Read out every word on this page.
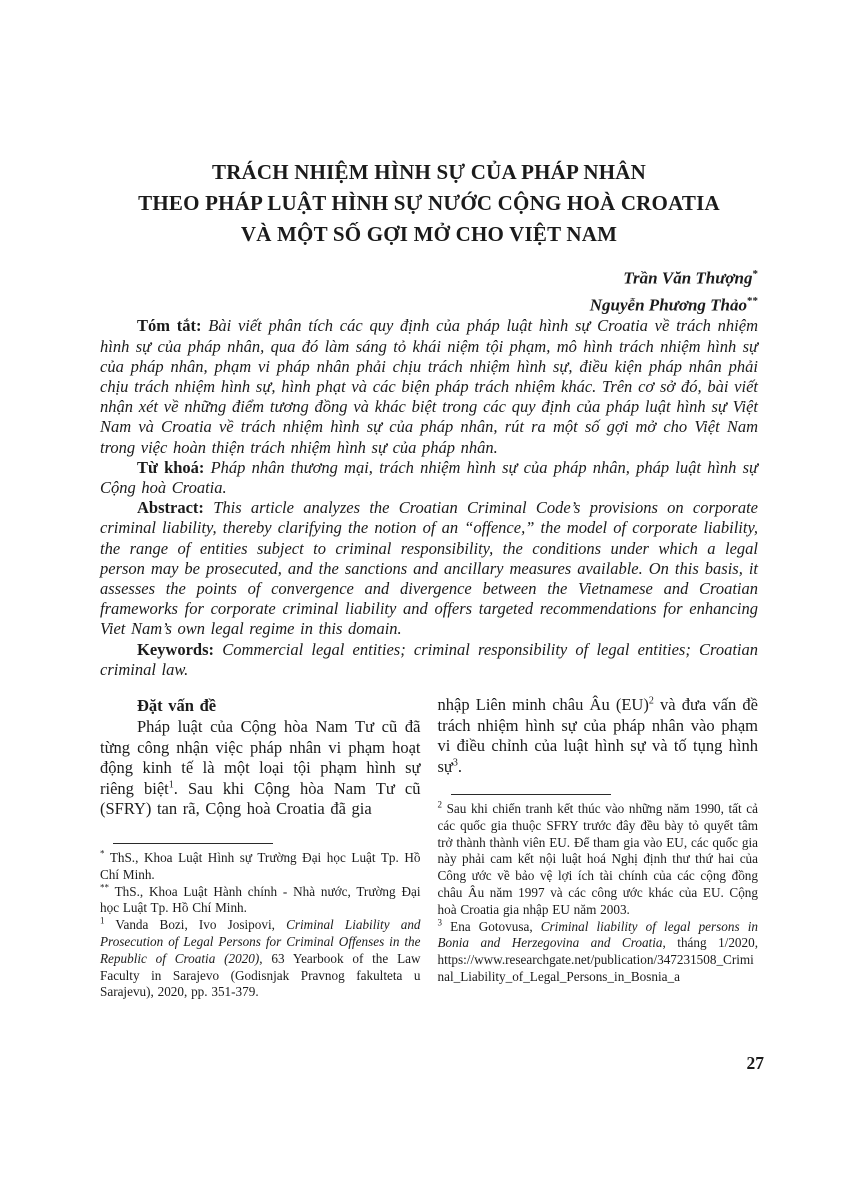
TRÁCH NHIỆM HÌNH SỰ CỦA PHÁP NHÂN
THEO PHÁP LUẬT HÌNH SỰ NƯỚC CỘNG HOÀ CROATIA
VÀ MỘT SỐ GỢI MỞ CHO VIỆT NAM
Trần Văn Thượng*
Nguyễn Phương Thảo**

Tóm tắt: Bài viết phân tích các quy định của pháp luật hình sự Croatia về trách nhiệm hình sự của pháp nhân, qua đó làm sáng tỏ khái niệm tội phạm, mô hình trách nhiệm hình sự của pháp nhân, phạm vi pháp nhân phải chịu trách nhiệm hình sự, điều kiện pháp nhân phải chịu trách nhiệm hình sự, hình phạt và các biện pháp trách nhiệm khác. Trên cơ sở đó, bài viết nhận xét về những điểm tương đồng và khác biệt trong các quy định của pháp luật hình sự Việt Nam và Croatia về trách nhiệm hình sự của pháp nhân, rút ra một số gợi mở cho Việt Nam trong việc hoàn thiện trách nhiệm hình sự của pháp nhân.

Từ khoá: Pháp nhân thương mại, trách nhiệm hình sự của pháp nhân, pháp luật hình sự Cộng hoà Croatia.

Abstract: This article analyzes the Croatian Criminal Code’s provisions on corporate criminal liability, thereby clarifying the notion of an “offence,” the model of corporate liability, the range of entities subject to criminal responsibility, the conditions under which a legal person may be prosecuted, and the sanctions and ancillary measures available. On this basis, it assesses the points of convergence and divergence between the Vietnamese and Croatian frameworks for corporate criminal liability and offers targeted recommendations for enhancing Viet Nam’s own legal regime in this domain.

Keywords: Commercial legal entities; criminal responsibility of legal entities; Croatian criminal law.

Đặt vấn đề

Pháp luật của Cộng hòa Nam Tư cũ đã từng công nhận việc pháp nhân vi phạm hoạt động kinh tế là một loại tội phạm hình sự riêng biệt$^1$. Sau khi Cộng hòa Nam Tư cũ (SFRY) tan rã, Cộng hoà Croatia đã gia

* ThS., Khoa Luật Hình sự Trường Đại học Luật Tp. Hồ Chí Minh.

** ThS., Khoa Luật Hành chính - Nhà nước, Trường Đại học Luật Tp. Hồ Chí Minh.

$^1$ Vanda Bozi, Ivo Josipovi, Criminal Liability and Prosecution of Legal Persons for Criminal Offenses in the Republic of Croatia (2020), 63 Yearbook of the Law Faculty in Sarajevo (Godisnjak Pravnog fakulteta u Sarajevu), 2020, pp. 351-379.

nhập Liên minh châu Âu (EU)$^2$ và đưa vấn đề trách nhiệm hình sự của pháp nhân vào phạm vi điều chỉnh của luật hình sự và tố tụng hình sự$^3$.

$^2$ Sau khi chiến tranh kết thúc vào những năm 1990, tất cả các quốc gia thuộc SFRY trước đây đều bày tỏ quyết tâm trở thành thành viên EU. Để tham gia vào EU, các quốc gia này phải cam kết nội luật hoá Nghị định thư thứ hai của Công ước về bảo vệ lợi ích tài chính của các cộng đồng châu Âu năm 1997 và các công ước khác của EU. Cộng hoà Croatia gia nhập EU năm 2003.

$^3$ Ena Gotovusa, Criminal liability of legal persons in Bonia and Herzegovina and Croatia, tháng 1/2020, https://www.researchgate.net/publication/347231508_Criminal_Liability_of_Legal_Persons_in_Bosnia_a

27
